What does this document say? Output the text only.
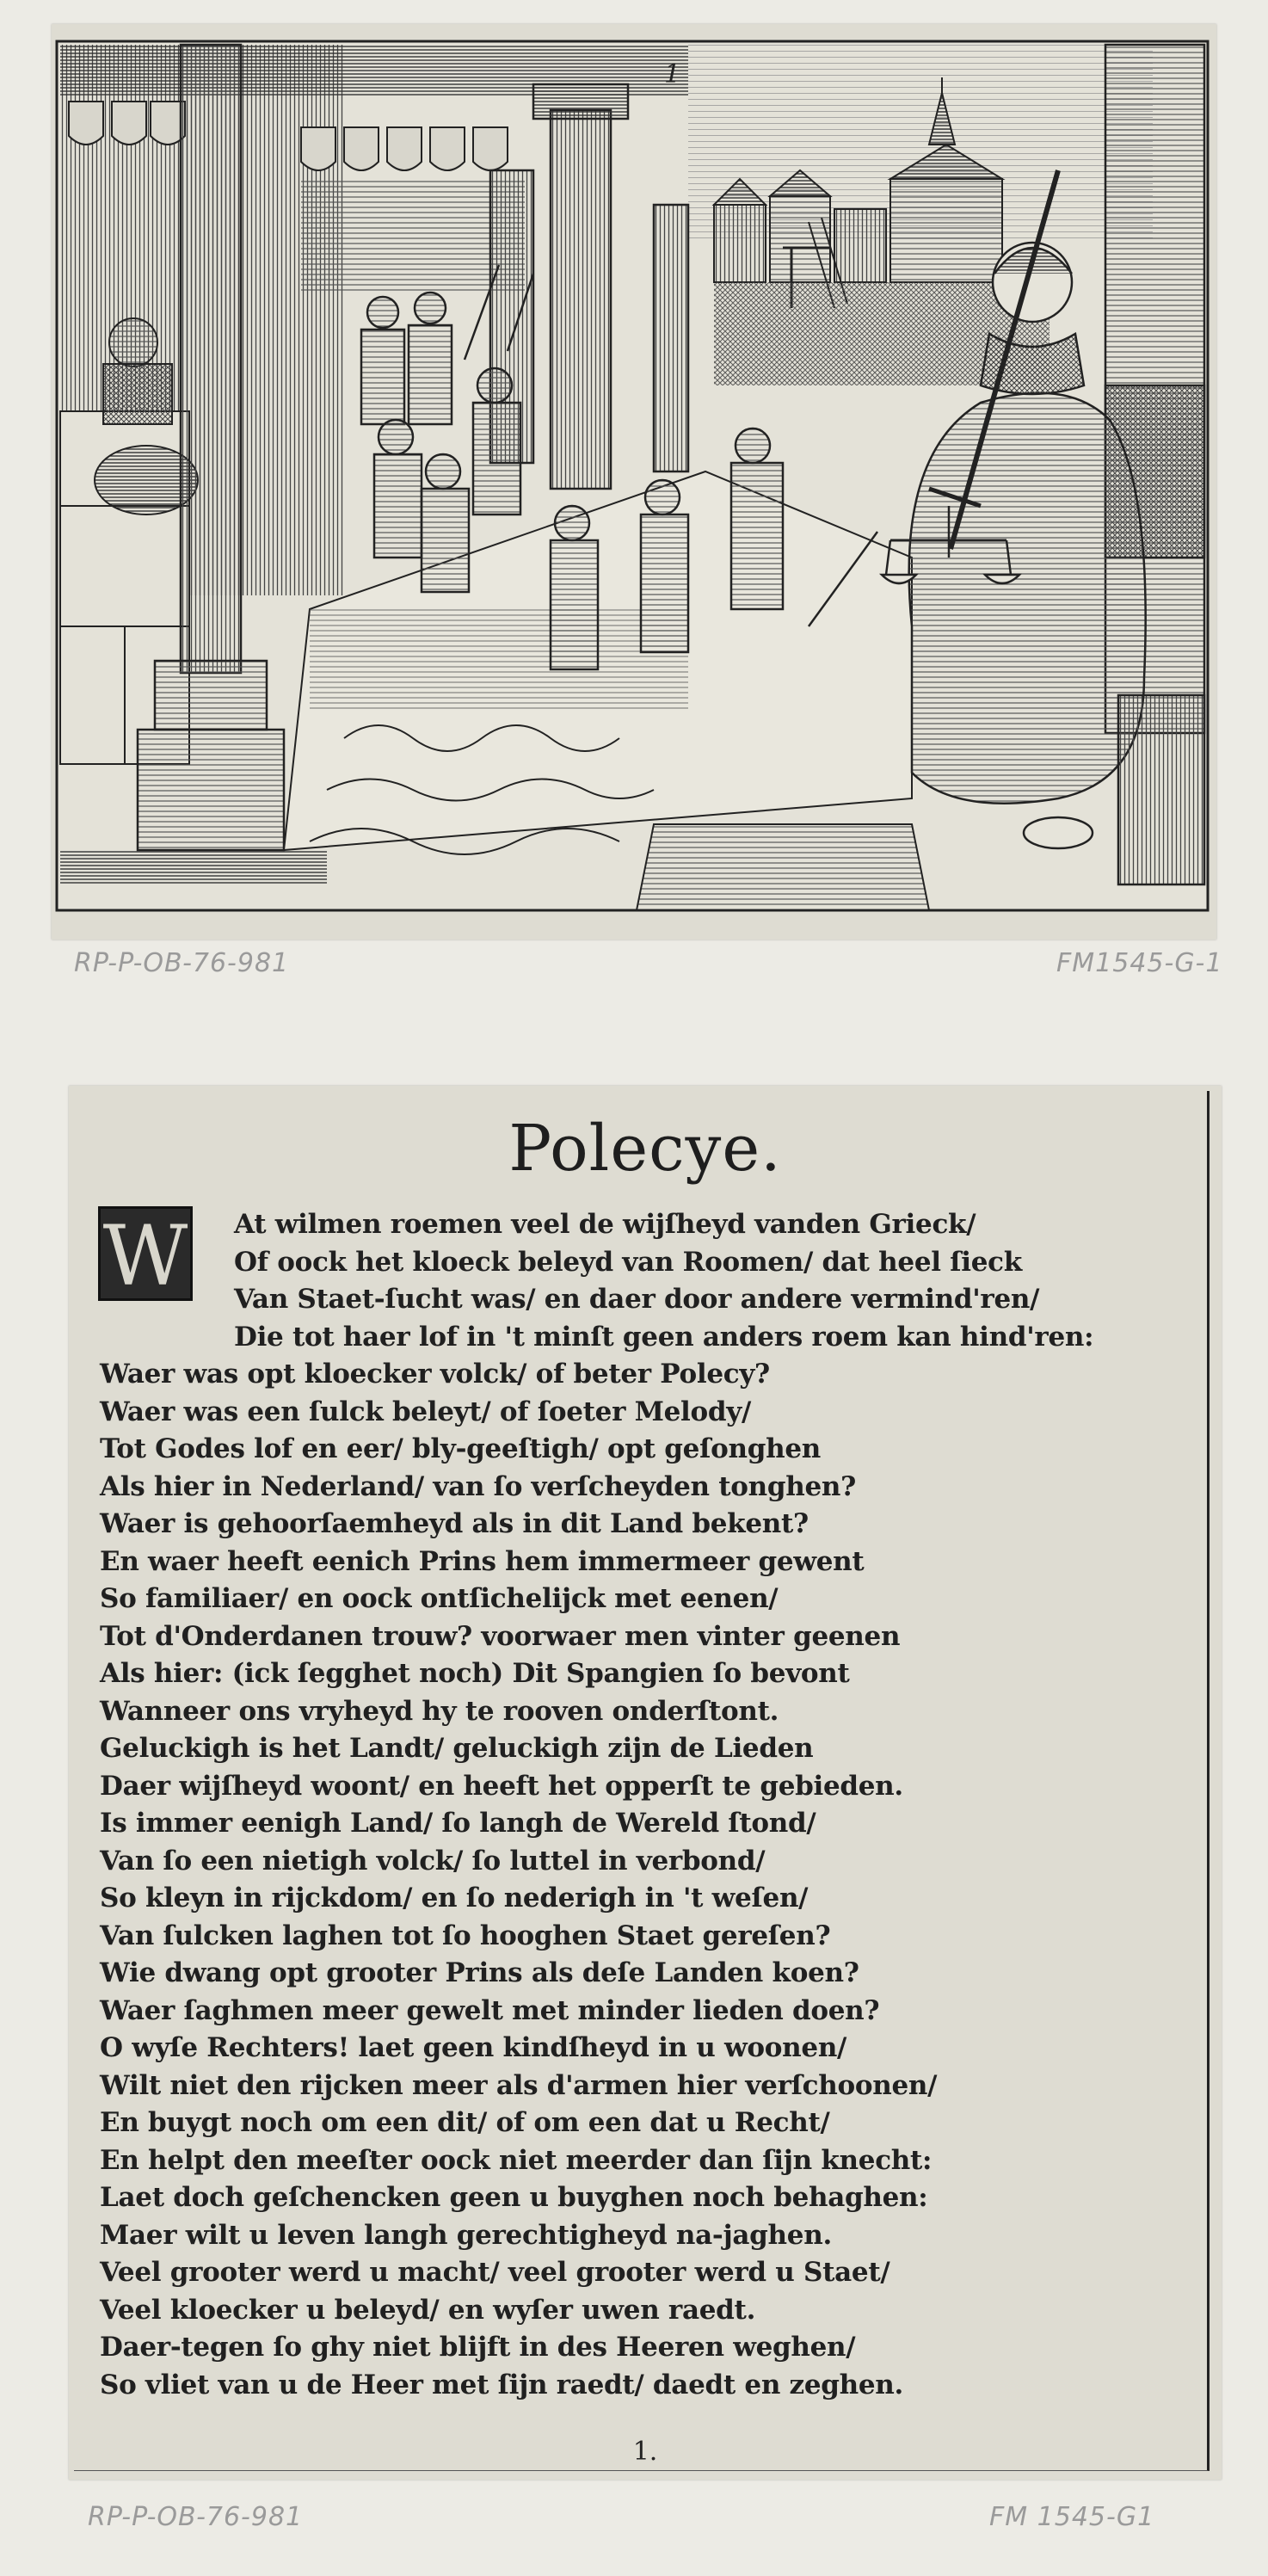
1
RP-P-OB-76-981	FM1545-G-1
Polecye.
W	At wilmen roemen veel de wijſheyd vanden Grieck/
Of oock het kloeck beleyd van Roomen/ dat heel ſieck
Van Staet-ſucht was/ en daer door andere vermind'ren/
Die tot haer lof in 't minſt geen anders roem kan hind'ren:
Waer was opt kloecker volck/ of beter Polecy?
Waer was een ſulck beleyt/ of ſoeter Melody/
Tot Godes lof en eer/ bly-geeſtigh/ opt geſonghen
Als hier in Nederland/ van ſo verſcheyden tonghen?
Waer is gehoorſaemheyd als in dit Land bekent?
En waer heeft eenich Prins hem immermeer gewent
So familiaer/ en oock ontſichelijck met eenen/
Tot d'Onderdanen trouw? voorwaer men vinter geenen
Als hier: (ick ſegghet noch) Dit Spangien ſo bevont
Wanneer ons vryheyd hy te rooven onderſtont.
Geluckigh is het Landt/ geluckigh zijn de Lieden
Daer wijſheyd woont/ en heeft het opperſt te gebieden.
Is immer eenigh Land/ ſo langh de Wereld ſtond/
Van ſo een nietigh volck/ ſo luttel in verbond/
So kleyn in rijckdom/ en ſo nederigh in 't weſen/
Van ſulcken laghen tot ſo hooghen Staet gereſen?
Wie dwang opt grooter Prins als deſe Landen koen?
Waer ſaghmen meer gewelt met minder lieden doen?
O wyſe Rechters! laet geen kindſheyd in u woonen/
Wilt niet den rijcken meer als d'armen hier verſchoonen/
En buygt noch om een dit/ of om een dat u Recht/
En helpt den meeſter oock niet meerder dan ſijn knecht:
Laet doch geſchencken geen u buyghen noch behaghen:
Maer wilt u leven langh gerechtigheyd na-jaghen.
Veel grooter werd u macht/ veel grooter werd u Staet/
Veel kloecker u beleyd/ en wyſer uwen raedt.
Daer-tegen ſo ghy niet blijft in des Heeren weghen/
So vliet van u de Heer met ſijn raedt/ daedt en zeghen.
1.
RP-P-OB-76-981	FM 1545-G1
